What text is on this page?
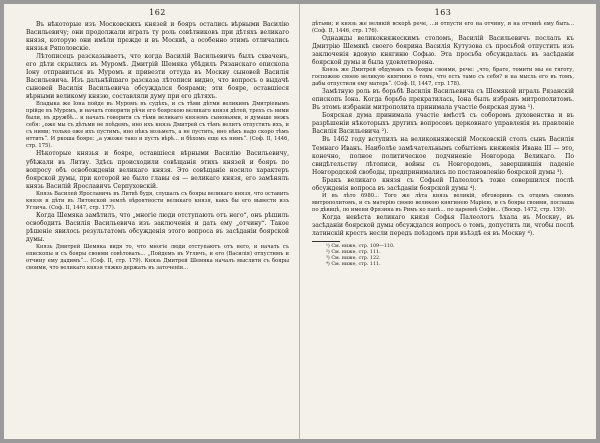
162

Въ нѣкоторые изъ Московскихъ князей и бояръ остались вѣрными Василію Васильевичу; они продолжали играть ту роль совѣтниковъ при дѣтяхъ великаго князя, которую они имѣли прежде и въ Москвѣ, а особенно этимъ отличались князья Ряполовскіе.

Лѣтописецъ разсказываетъ, что когда Василій Васильевичъ былъ схваченъ, его дѣти скрылись въ Муромѣ. Дмитрій Шемяка убѣдилъ Рязанскаго епископа Іону отправиться въ Муромъ и привезти оттуда въ Москву сыновей Василія Васильевича. Изъ дальнѣйшаго разсказа лѣтописи видно, что вопросъ о выдачѣ сыновей Василія Васильевича обсуждался боярами; эти бояре, оставшіеся вѣрными великому князю, составляли думу при его дѣтяхъ.

Владыка же Іона пойде въ Муромъ въ судѣхъ, и съ тѣми дѣтми великимъ Дмитріевымъ прійде въ Муромъ, и начать говорити рѣчи его боярскою великаго князя дѣтей, трехъ съ ними были, въ дружбѣ... и начать говорити съ тѣми великаго княземъ сыновьями, и думаше межъ себя: „оже мы съ дѣтьми не поѣдемъ, ино ихъ князь Дмитрей съ тѣмъ велитъ отпустить ихъ, и съ ними; только оже ихъ пустимъ, ино нѣкъ возьметъ, а не пустить, ино нѣкъ надо скоро тѣмъ иттить“. И ркоша бояре: „а ужоже тако и пусть вѣрѣ... и бѣхомъ еще къ нимъ“. (Соф. II, 1446, стр. 175).

Нѣкоторые князья и бояре, оставшіеся вѣрными Василію Васильевичу, убѣжали въ Литву. Здѣсь происходили совѣщанія этихъ князей и бояръ по вопросу объ освобожденіи великаго князя. Это совѣщаніе носило характеръ боярской думы, при которой не было главы ея — великаго князя, его замѣнялъ князь Василій Ярославичъ Серпуховскій.

Князь Василей Ярославичь въ Литвѣ будя, слушалъ съ бояры великаго князя, что оставить князя и дѣти въ Литовской землѣ вѣроятности великаго князя, какъ бы его вывести изъ Углича. (Соф. II, 1447, стр. 177).

Когда Шемяка замѣтилъ, что „многіе люди отступають отъ него“, онъ рѣшилъ освободить Василія Васильевича изъ заключенія и дать ему „отчину“. Такое рѣшеніе явилось результатомъ обсужденія этого вопроса въ засѣданіи боярской думы.

Князь Дмитрей Шемяка видя то, что многіе люди отступаютъ отъ него, и начать съ епископы и съ бояры своими совѣтовать... „Пойдемъ въ Угличъ, и его (Василія) отпустимъ и отчину ему дадимъ“... (Соф. II, стр. 179). Князь Дмитрей Шемяка началъ мыслити съ бояры своими, что великаго князя тяжко держать въ заточеніи...

163

дѣтьми; и князь же великій вскорѣ рече, ...и отпусти его на отчину, и на отчинѣ ему быть... (Соф. II, 1446, стр. 176).

Однажды великокняжескимъ столомъ, Василій Васильевичъ послалъ къ Дмитрію Шемякѣ своего боярина Василія Кутузова съ просьбой отпустить изъ заключенія вдовую княгиню Софью. Эта просьба обсуждалась въ засѣданіи боярской думы и была удовлетворена.

Князь же Дмитрей обдумавъ съ бояры своими, рече: „что, брате, томити мы ее тяготу, госпожею своею великую княгиню о томъ, что есть тамо съ себя? и на мысль его въ томъ, дабы отпустили ему матерь“. (Соф. II, 1447, стр. 178).

Замѣтную роль въ борьбѣ Василія Васильевича съ Шемякой играль Рязанскій епископъ Іона. Когда борьба прекратилась, Іона былъ избранъ митрополитомъ. Въ этомъ избраніи митрополита принимала участіе боярская дума ¹).

Боярская дума принимала участіе вмѣстѣ съ соборомъ духовенства и въ разрѣшеніи нѣкоторыхъ другихъ вопросовъ церковнаго управленія въ правленіе Василія Васильевича ²).

Въ 1462 году вступилъ на великокняжескій Московскій столъ сынъ Василія Темнаго Иванъ. Наиболѣе замѣчательнымъ событіемъ княженія Ивана III — это, конечно, полное политическое подчиненіе Новгорода Великаго. По свидѣтельству лѣтописи, войны съ Новгородомъ, завершившія паденіе Новгородской свободы, предпринимались по постановленію боярской думы ³).

Бракъ великаго князя съ Софьей Палеологъ тоже совершился послѣ обсужденія вопроса въ засѣданіи боярской думы ⁴).

И въ лѣто 6980... Того же лѣта князь великій, обговоривъ съ отцемъ своимъ митрополитомъ, и съ матерію своею великою княгинею Маріею, и съ бояры своими, послаша по дѣвицѣ, по имени Фрязина въ Римъ ко папѣ... по царевнѣ Софіи... (Воскр. 1472, стр. 159).

Когда невѣста великаго князя Софья Палеологъ ѣхала въ Москву, въ засѣданіи боярской думы обсуждался вопросъ о томъ, допустить ли, чтобы послѣ латинскій крестъ несли передъ поѣздомъ при въѣздѣ ея въ Москву ⁴).

¹) См. ниже, стр. 109—110.

²) См. ниже, стр. 111.

³) См. ниже, стр. 122.

⁴) См. ниже, стр. 111.
